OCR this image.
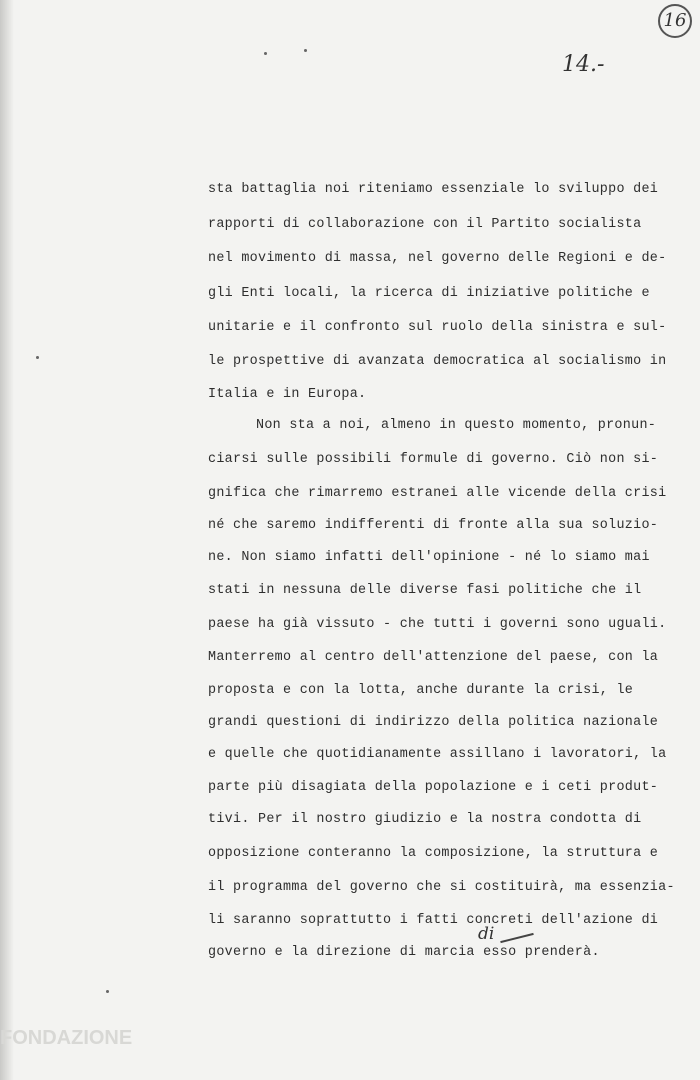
16
14.-
sta battaglia noi riteniamo essenziale lo sviluppo dei
rapporti di collaborazione con il Partito socialista
nel movimento di massa, nel governo delle Regioni e de-
gli Enti locali, la ricerca di iniziative politiche e
unitarie e il confronto sul ruolo della sinistra e sul-
le prospettive di avanzata democratica al socialismo in
Italia e in Europa.
Non sta a noi, almeno in questo momento, pronun-
ciarsi sulle possibili formule di governo. Ciò non si-
gnifica che rimarremo estranei alle vicende della crisi
né che saremo indifferenti di fronte alla sua soluzio-
ne. Non siamo infatti dell'opinione - né lo siamo mai
stati in nessuna delle diverse fasi politiche che il
paese ha già vissuto - che tutti i governi sono uguali.
Manterremo al centro dell'attenzione del paese, con la
proposta e con la lotta, anche durante la crisi, le
grandi questioni di indirizzo della politica nazionale
e quelle che quotidianamente assillano i lavoratori, la
parte più disagiata della popolazione e i ceti produt-
tivi. Per il nostro giudizio e la nostra condotta di
opposizione conteranno la composizione, la struttura e
il programma del governo che si costituirà, ma essenzia-
li saranno soprattutto i fatti concreti dell'azione di
governo e la direzione di marcia esso prenderà.
di
FONDAZIONE
